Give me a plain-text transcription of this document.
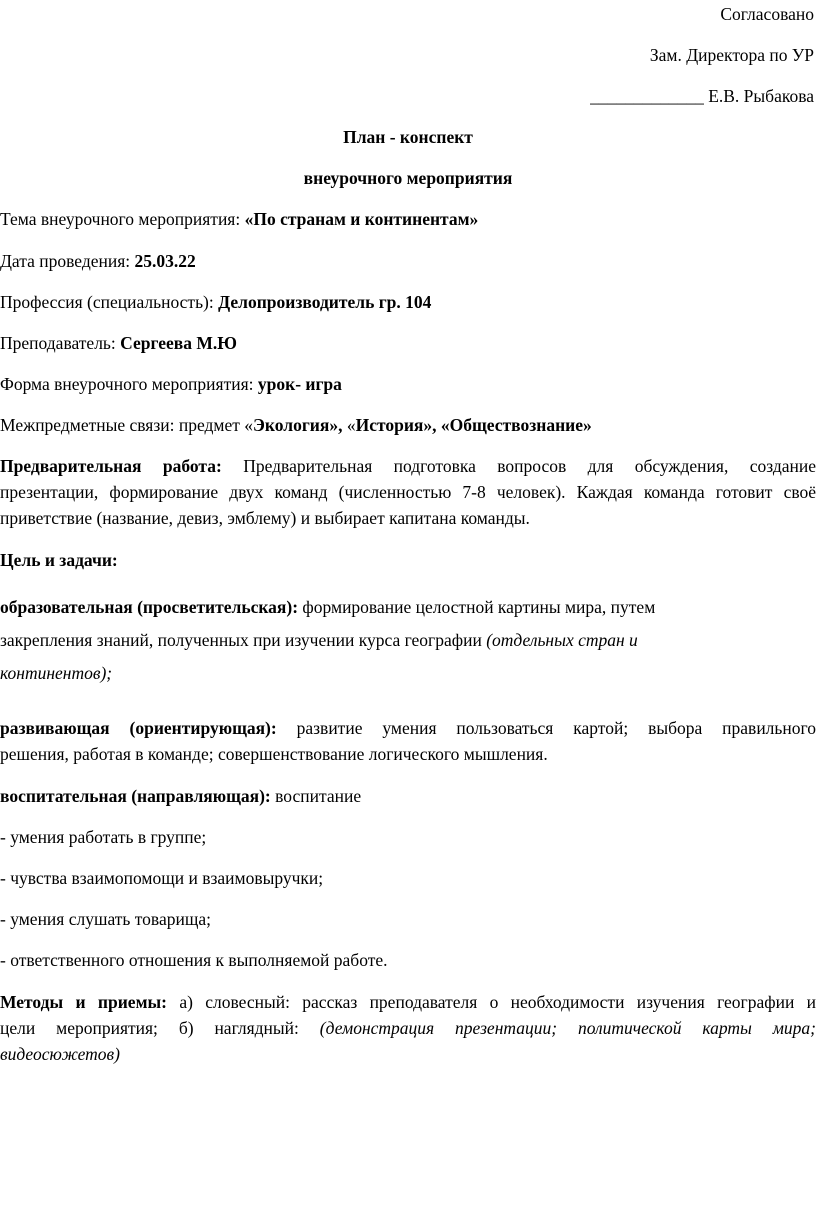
Согласовано
Зам. Директора по УР
_____________ Е.В. Рыбакова
План - конспект
внеурочного мероприятия
Тема внеурочного мероприятия: «По странам и континентам»
Дата проведения: 25.03.22
Профессия (специальность): Делопроизводитель гр. 104
Преподаватель: Сергеева М.Ю
Форма внеурочного мероприятия: урок- игра
Межпредметные связи: предмет «Экология», «История», «Обществознание»
Предварительная работа: Предварительная подготовка вопросов для обсуждения, создание
презентации, формирование двух команд (численностью 7-8 человек). Каждая команда готовит своё
приветствие (название, девиз, эмблему) и выбирает капитана команды.
Цель и задачи:
образовательная (просветительская): формирование целостной картины мира, путем
закрепления знаний, полученных при изучении курса географии (отдельных стран и
континентов);
развивающая (ориентирующая): развитие умения пользоваться картой; выбора правильного
решения, работая в команде; совершенствование логического мышления.
воспитательная (направляющая): воспитание
- умения работать в группе;
- чувства взаимопомощи и взаимовыручки;
- умения слушать товарища;
- ответственного отношения к выполняемой работе.
Методы и приемы: а) словесный: рассказ преподавателя о необходимости изучения географии и
цели мероприятия; б) наглядный: (демонстрация презентации; политической карты мира;
видеосюжетов)
